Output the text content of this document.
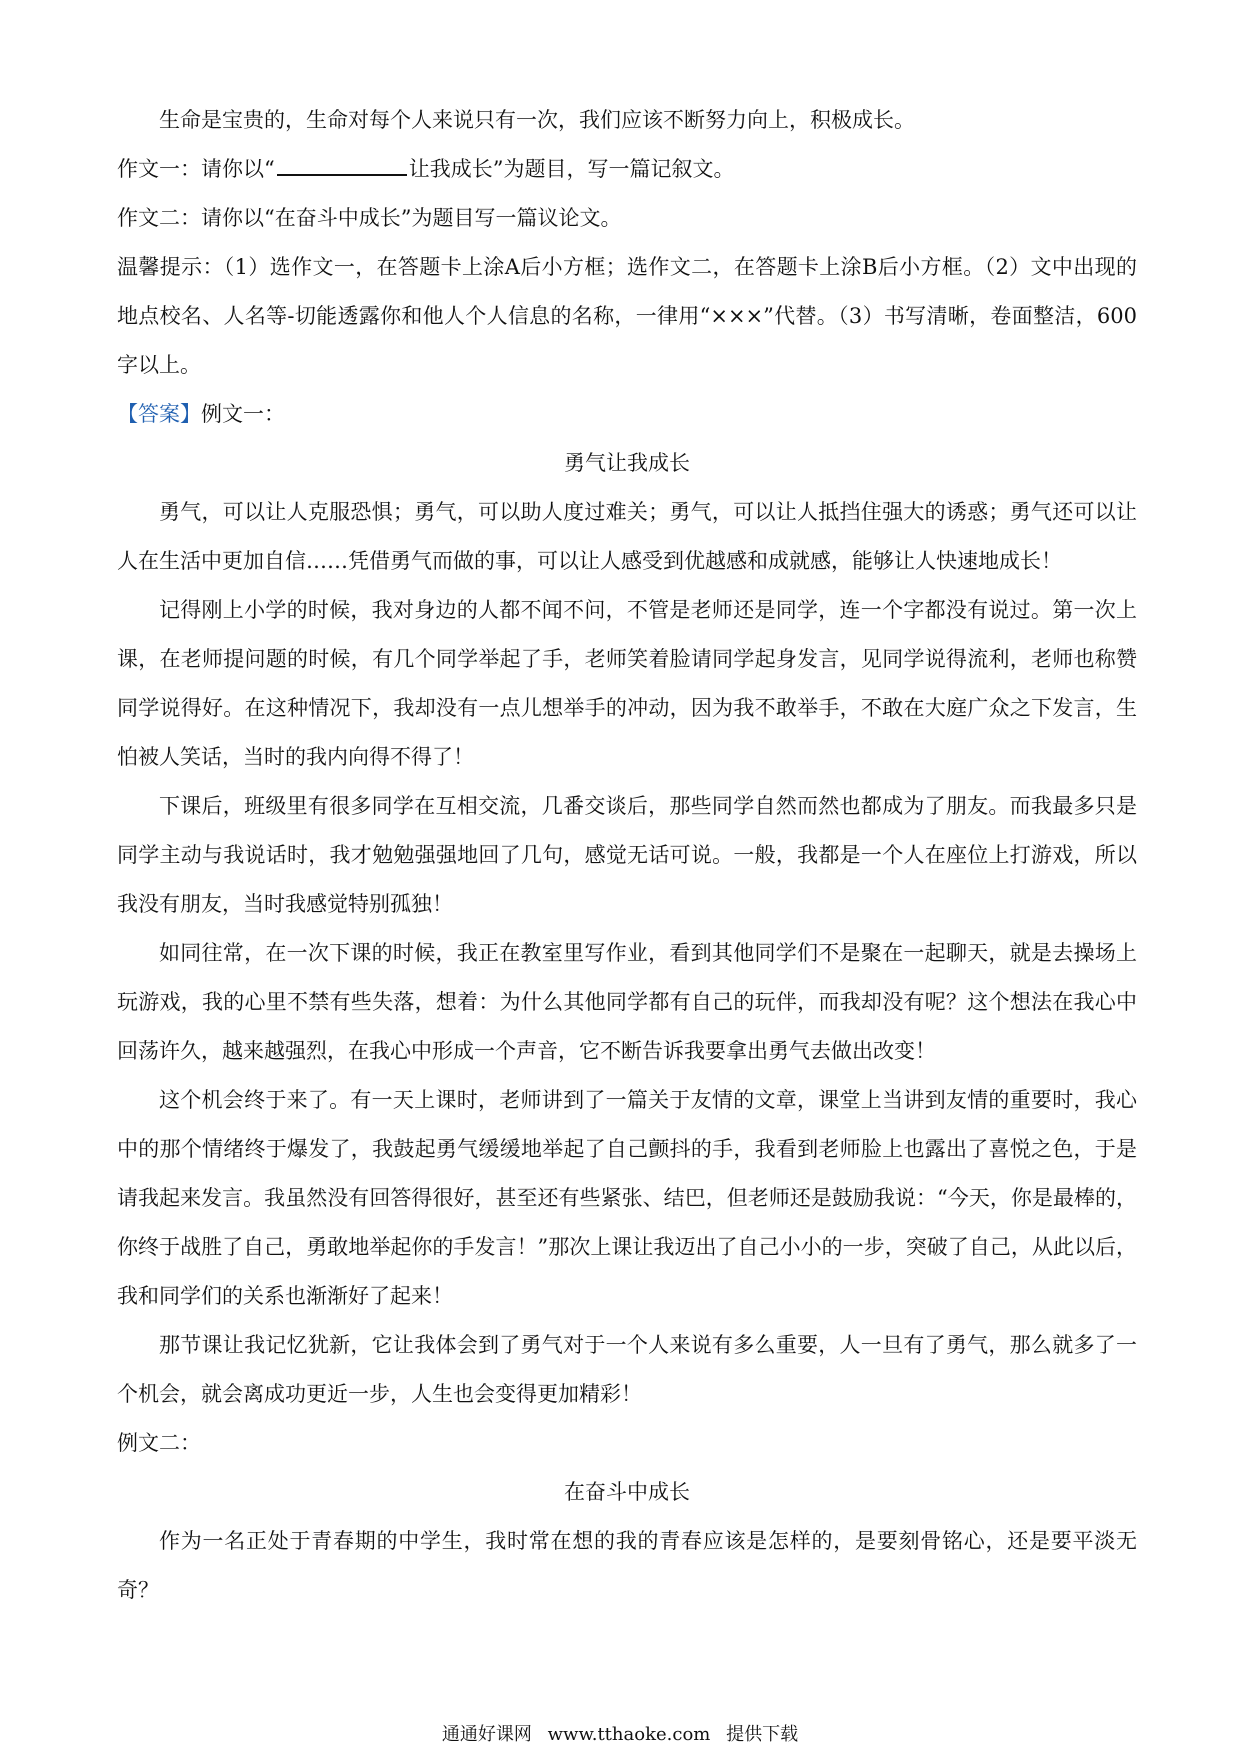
生命是宝贵的，生命对每个人来说只有一次，我们应该不断努力向上，积极成长。

作文一：请你以“	让我成长”为题目，写一篇记叙文。

作文二：请你以“在奋斗中成长”为题目写一篇议论文。

温馨提示：（1）选作文一，在答题卡上涂A后小方框；选作文二，在答题卡上涂B后小方框。（2）文中出现的地点校名、人名等-切能透露你和他人个人信息的名称，一律用“×××”代替。（3）书写清晰，卷面整洁，600字以上。

【答案】例文一：

勇气让我成长

勇气，可以让人克服恐惧；勇气，可以助人度过难关；勇气，可以让人抵挡住强大的诱惑；勇气还可以让人在生活中更加自信……凭借勇气而做的事，可以让人感受到优越感和成就感，能够让人快速地成长！

记得刚上小学的时候，我对身边的人都不闻不问，不管是老师还是同学，连一个字都没有说过。第一次上课，在老师提问题的时候，有几个同学举起了手，老师笑着脸请同学起身发言，见同学说得流利，老师也称赞同学说得好。在这种情况下，我却没有一点儿想举手的冲动，因为我不敢举手，不敢在大庭广众之下发言，生怕被人笑话，当时的我内向得不得了！

下课后，班级里有很多同学在互相交流，几番交谈后，那些同学自然而然也都成为了朋友。而我最多只是同学主动与我说话时，我才勉勉强强地回了几句，感觉无话可说。一般，我都是一个人在座位上打游戏，所以我没有朋友，当时我感觉特别孤独！

如同往常，在一次下课的时候，我正在教室里写作业，看到其他同学们不是聚在一起聊天，就是去操场上玩游戏，我的心里不禁有些失落，想着：为什么其他同学都有自己的玩伴，而我却没有呢？这个想法在我心中回荡许久，越来越强烈，在我心中形成一个声音，它不断告诉我要拿出勇气去做出改变！

这个机会终于来了。有一天上课时，老师讲到了一篇关于友情的文章，课堂上当讲到友情的重要时，我心中的那个情绪终于爆发了，我鼓起勇气缓缓地举起了自己颤抖的手，我看到老师脸上也露出了喜悦之色，于是请我起来发言。我虽然没有回答得很好，甚至还有些紧张、结巴，但老师还是鼓励我说：“今天，你是最棒的，你终于战胜了自己，勇敢地举起你的手发言！”那次上课让我迈出了自己小小的一步，突破了自己，从此以后，我和同学们的关系也渐渐好了起来！

那节课让我记忆犹新，它让我体会到了勇气对于一个人来说有多么重要，人一旦有了勇气，那么就多了一个机会，就会离成功更近一步，人生也会变得更加精彩！

例文二：

在奋斗中成长

作为一名正处于青春期的中学生，我时常在想的我的青春应该是怎样的，是要刻骨铭心，还是要平淡无奇？

通通好课网 www.tthaoke.com 提供下载
